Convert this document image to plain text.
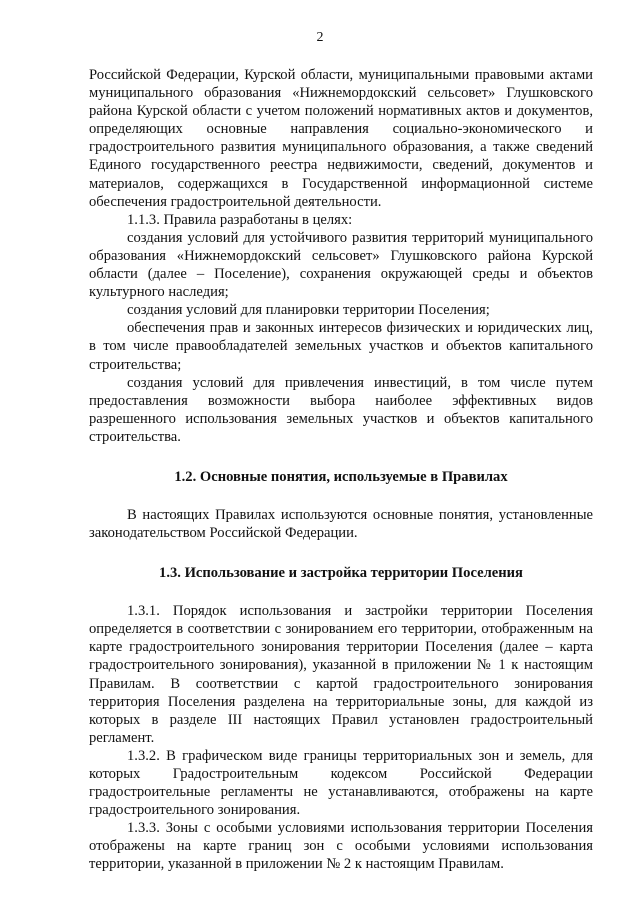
2

Российской Федерации, Курской области, муниципальными правовыми актами муниципального образования «Нижнемордокский сельсовет» Глушковского района Курской области с учетом положений нормативных актов и документов, определяющих основные направления социально-экономического и градостроительного развития муниципального образования, а также сведений Единого государственного реестра недвижимости, сведений, документов и материалов, содержащихся в Государственной информационной системе обеспечения градостроительной деятельности.

1.1.3. Правила разработаны в целях:

создания условий для устойчивого развития территорий муниципального образования «Нижнемордокский сельсовет» Глушковского района Курской области (далее – Поселение), сохранения окружающей среды и объектов культурного наследия;

создания условий для планировки территории Поселения;

обеспечения прав и законных интересов физических и юридических лиц, в том числе правообладателей земельных участков и объектов капитального строительства;

создания условий для привлечения инвестиций, в том числе путем предоставления возможности выбора наиболее эффективных видов разрешенного использования земельных участков и объектов капитального строительства.

1.2. Основные понятия, используемые в Правилах

В настоящих Правилах используются основные понятия, установленные законодательством Российской Федерации.

1.3. Использование и застройка территории Поселения

1.3.1. Порядок использования и застройки территории Поселения определяется в соответствии с зонированием его территории, отображенным на карте градостроительного зонирования территории Поселения (далее – карта градостроительного зонирования), указанной в приложении № 1 к настоящим Правилам. В соответствии с картой градостроительного зонирования территория Поселения разделена на территориальные зоны, для каждой из которых в разделе III настоящих Правил установлен градостроительный регламент.

1.3.2. В графическом виде границы территориальных зон и земель, для которых Градостроительным кодексом Российской Федерации градостроительные регламенты не устанавливаются, отображены на карте градостроительного зонирования.

1.3.3. Зоны с особыми условиями использования территории Поселения отображены на карте границ зон с особыми условиями использования территории, указанной в приложении № 2 к настоящим Правилам.
